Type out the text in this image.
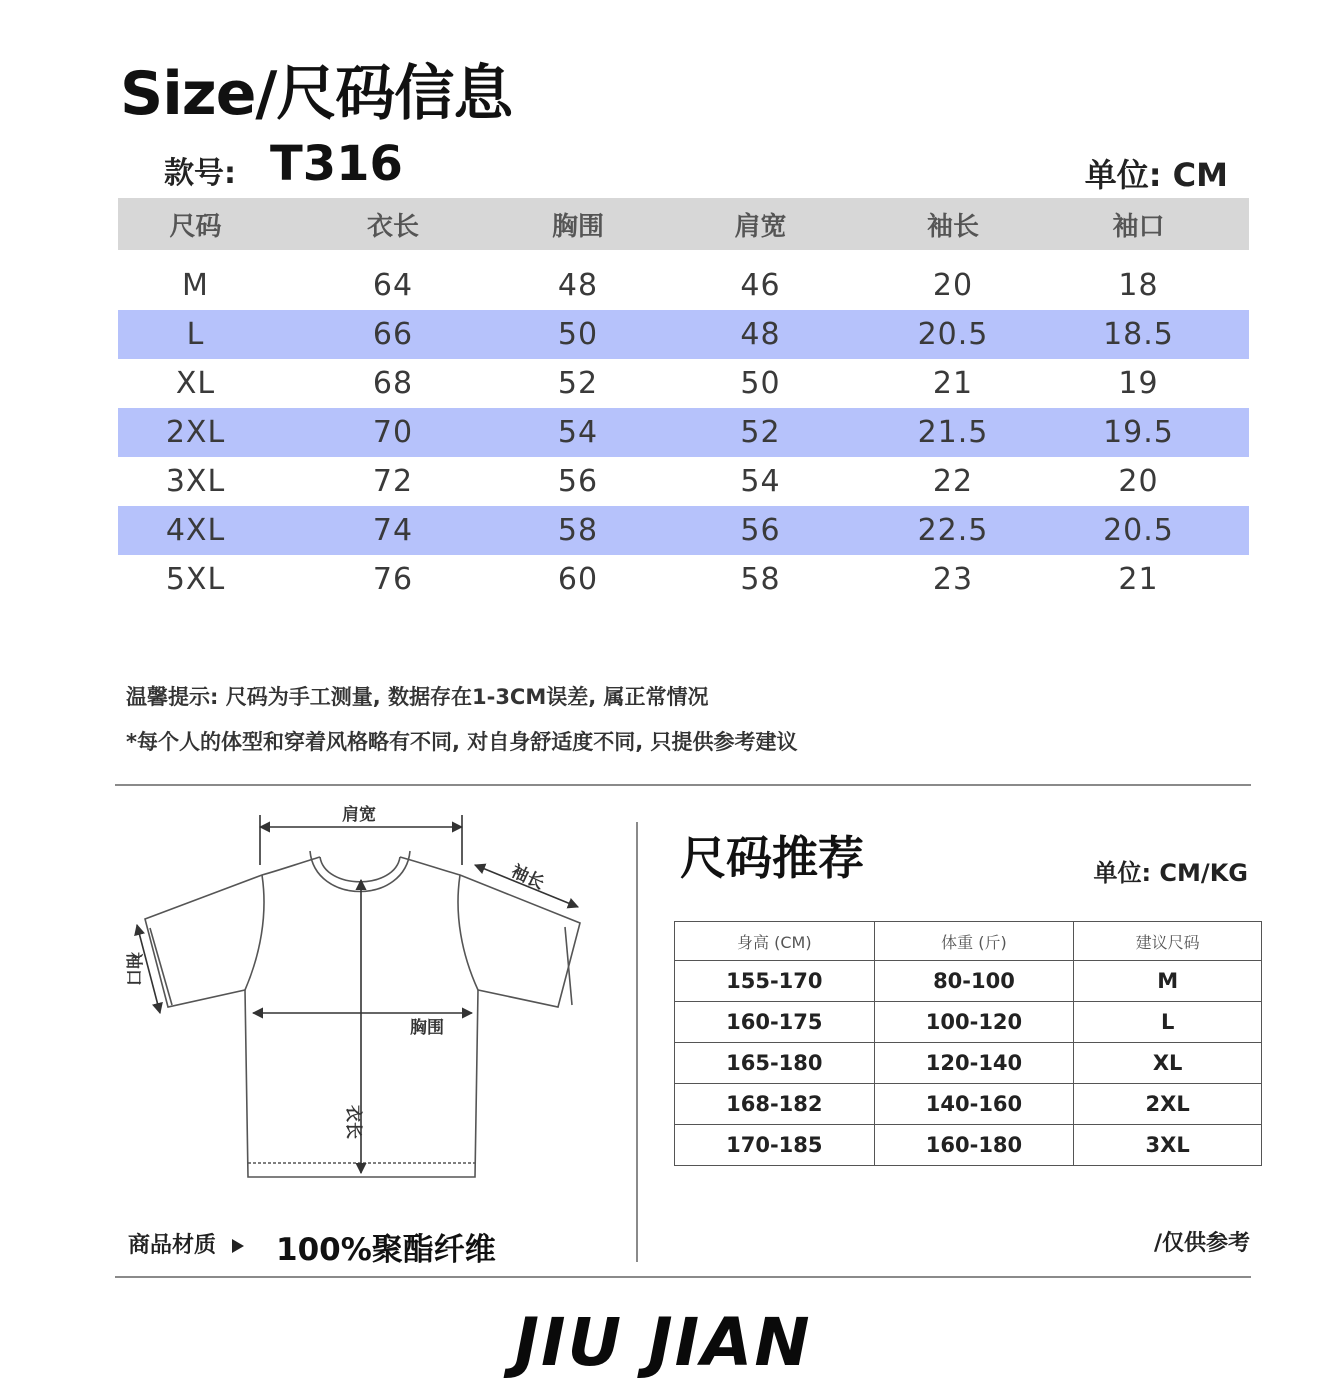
Size/尺码信息
款号: T316	单位: CM
尺码	衣长	胸围	肩宽	袖长	袖口
M	64	48	46	20	18
L	66	50	48	20.5	18.5
XL	68	52	50	21	19
2XL	70	54	52	21.5	19.5
3XL	72	56	54	22	20
4XL	74	58	56	22.5	20.5
5XL	76	60	58	23	21
温馨提示: 尺码为手工测量, 数据存在1-3CM误差, 属正常情况
*每个人的体型和穿着风格略有不同, 对自身舒适度不同, 只提供参考建议
肩宽
袖长
袖口
胸围
衣长
尺码推荐	单位: CM/KG
身高 (CM)	体重 (斤)	建议尺码
155-170	80-100	M
160-175	100-120	L
165-180	120-140	XL
168-182	140-160	2XL
170-185	160-180	3XL
商品材质	100%聚酯纤维	/仅供参考
JIU JIAN
